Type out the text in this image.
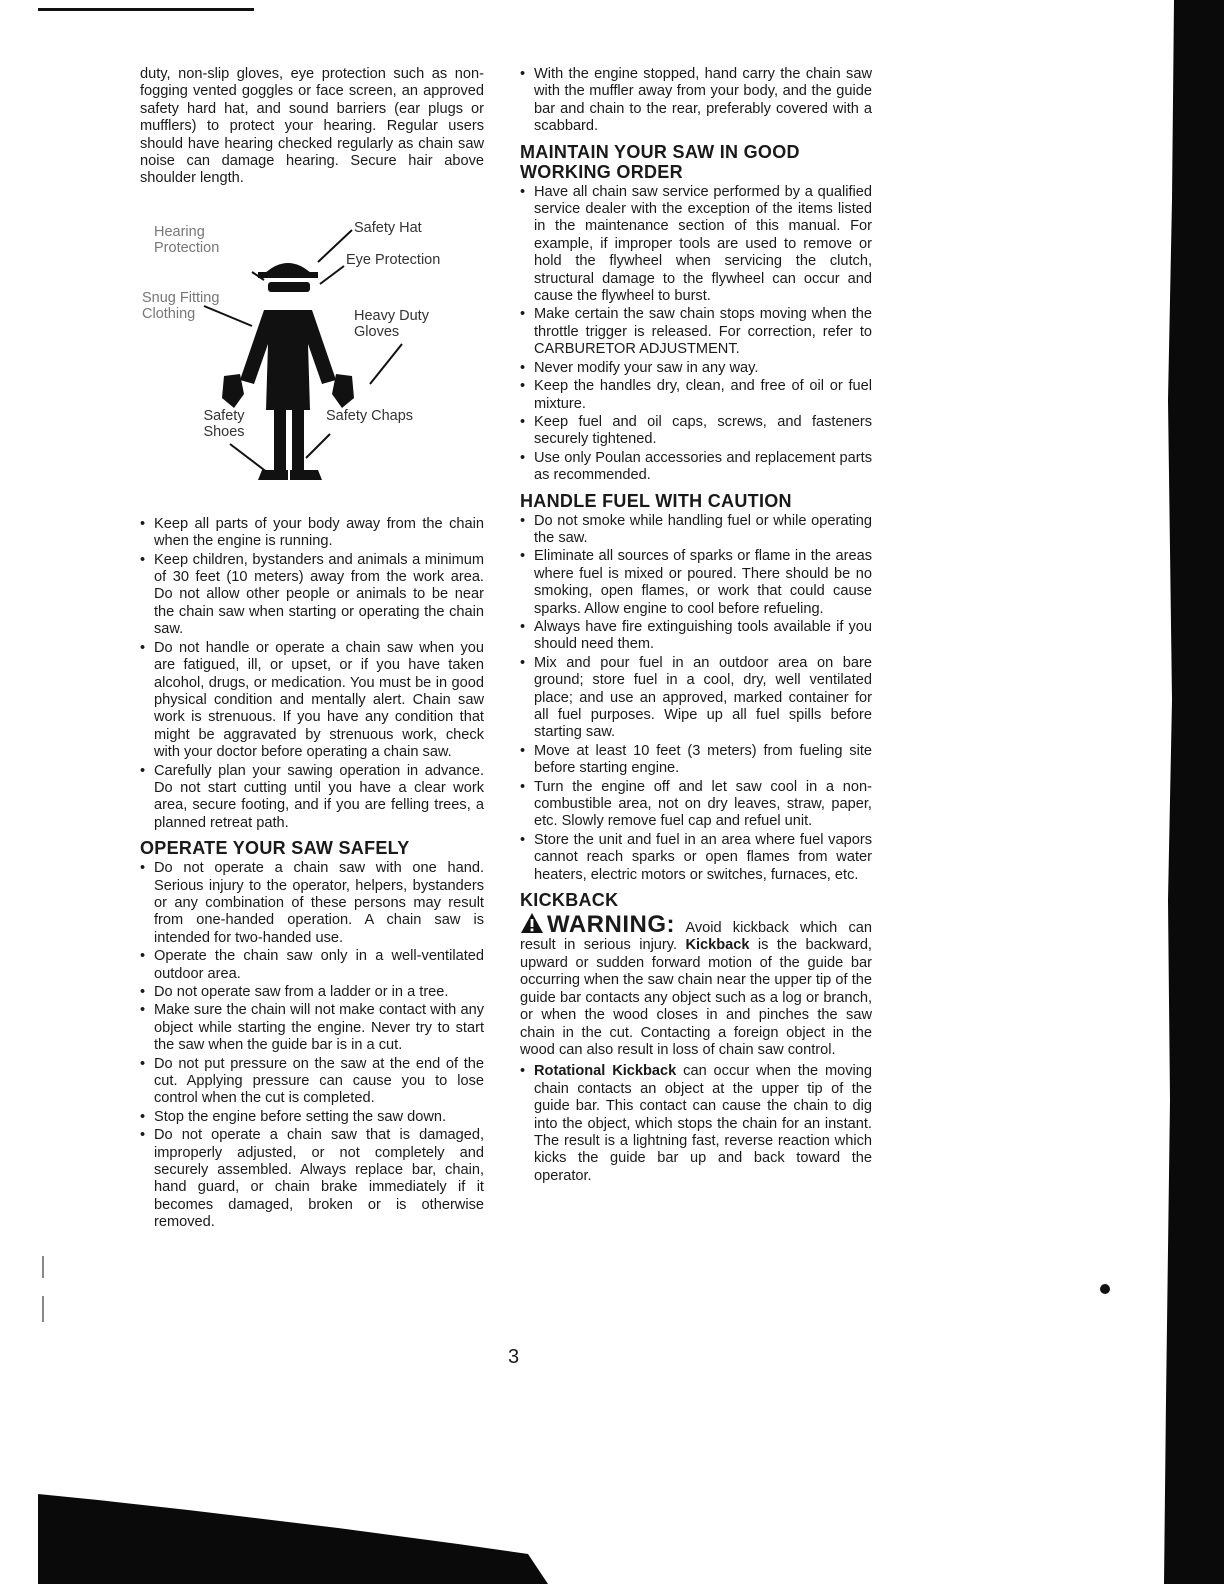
duty, non-slip gloves, eye protection such as non-fogging vented goggles or face screen, an approved safety hard hat, and sound barriers (ear plugs or mufflers) to protect your hearing. Regular users should have hearing checked regularly as chain saw noise can damage hearing. Secure hair above shoulder length.

Hearing Protection
Safety Hat
Eye Protection
Snug Fitting Clothing	Heavy Duty Gloves
Safety Shoes
Safety Chaps
• Keep all parts of your body away from the chain when the engine is running.
• Keep children, bystanders and animals a minimum of 30 feet (10 meters) away from the work area. Do not allow other people or animals to be near the chain saw when starting or operating the chain saw.
• Do not handle or operate a chain saw when you are fatigued, ill, or upset, or if you have taken alcohol, drugs, or medication. You must be in good physical condition and mentally alert. Chain saw work is strenuous. If you have any condition that might be aggravated by strenuous work, check with your doctor before operating a chain saw.
• Carefully plan your sawing operation in advance. Do not start cutting until you have a clear work area, secure footing, and if you are felling trees, a planned retreat path.
OPERATE YOUR SAW SAFELY
• Do not operate a chain saw with one hand. Serious injury to the operator, helpers, bystanders or any combination of these persons may result from one-handed operation. A chain saw is intended for two-handed use.
• Operate the chain saw only in a well-ventilated outdoor area.
• Do not operate saw from a ladder or in a tree.
• Make sure the chain will not make contact with any object while starting the engine. Never try to start the saw when the guide bar is in a cut.
• Do not put pressure on the saw at the end of the cut. Applying pressure can cause you to lose control when the cut is completed.
• Stop the engine before setting the saw down.
• Do not operate a chain saw that is damaged, improperly adjusted, or not completely and securely assembled. Always replace bar, chain, hand guard, or chain brake immediately if it becomes damaged, broken or is otherwise removed.
• With the engine stopped, hand carry the chain saw with the muffler away from your body, and the guide bar and chain to the rear, preferably covered with a scabbard.
MAINTAIN YOUR SAW IN GOOD WORKING ORDER
• Have all chain saw service performed by a qualified service dealer with the exception of the items listed in the maintenance section of this manual. For example, if improper tools are used to remove or hold the flywheel when servicing the clutch, structural damage to the flywheel can occur and cause the flywheel to burst.
• Make certain the saw chain stops moving when the throttle trigger is released. For correction, refer to CARBURETOR ADJUSTMENT.
• Never modify your saw in any way.
• Keep the handles dry, clean, and free of oil or fuel mixture.
• Keep fuel and oil caps, screws, and fasteners securely tightened.
• Use only Poulan accessories and replacement parts as recommended.
HANDLE FUEL WITH CAUTION
• Do not smoke while handling fuel or while operating the saw.
• Eliminate all sources of sparks or flame in the areas where fuel is mixed or poured. There should be no smoking, open flames, or work that could cause sparks. Allow engine to cool before refueling.
• Always have fire extinguishing tools available if you should need them.
• Mix and pour fuel in an outdoor area on bare ground; store fuel in a cool, dry, well ventilated place; and use an approved, marked container for all fuel purposes. Wipe up all fuel spills before starting saw.
• Move at least 10 feet (3 meters) from fueling site before starting engine.
• Turn the engine off and let saw cool in a non-combustible area, not on dry leaves, straw, paper, etc. Slowly remove fuel cap and refuel unit.
• Store the unit and fuel in an area where fuel vapors cannot reach sparks or open flames from water heaters, electric motors or switches, furnaces, etc.
KICKBACK

WARNING: Avoid kickback which can result in serious injury. Kickback is the backward, upward or sudden forward motion of the guide bar occurring when the saw chain near the upper tip of the guide bar contacts any object such as a log or branch, or when the wood closes in and pinches the saw chain in the cut. Contacting a foreign object in the wood can also result in loss of chain saw control.

• Rotational Kickback can occur when the moving chain contacts an object at the upper tip of the guide bar. This contact can cause the chain to dig into the object, which stops the chain for an instant. The result is a lightning fast, reverse reaction which kicks the guide bar up and back toward the operator.
3
